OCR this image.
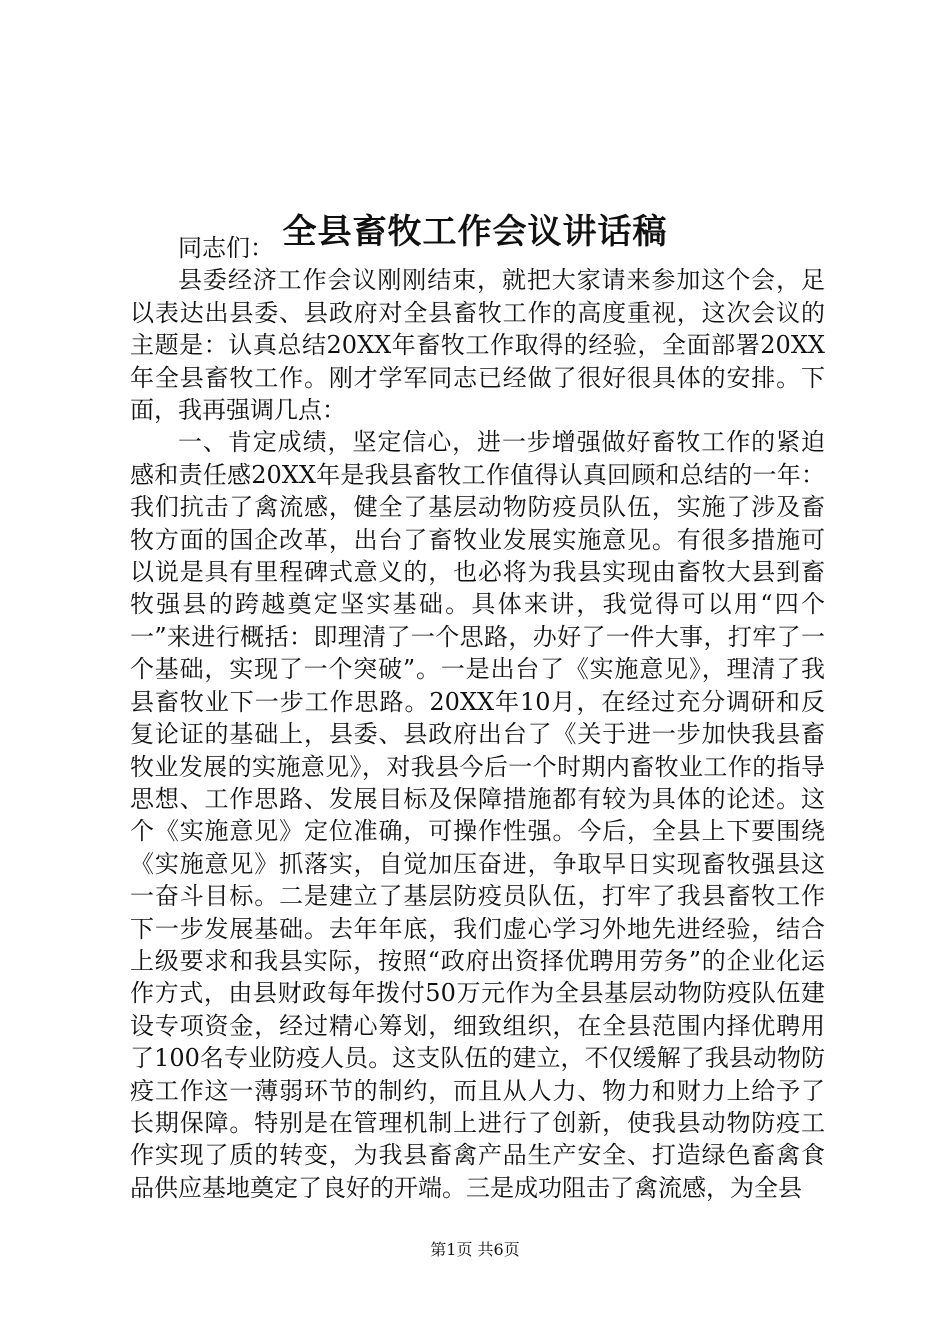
全县畜牧工作会议讲话稿

同志们：

县委经济工作会议刚刚结束，就把大家请来参加这个会，足以表达出县委、县政府对全县畜牧工作的高度重视，这次会议的主题是：认真总结20XX年畜牧工作取得的经验，全面部署20XX年全县畜牧工作。刚才学军同志已经做了很好很具体的安排。下面，我再强调几点：

一、肯定成绩，坚定信心，进一步增强做好畜牧工作的紧迫感和责任感20XX年是我县畜牧工作值得认真回顾和总结的一年：我们抗击了禽流感，健全了基层动物防疫员队伍，实施了涉及畜牧方面的国企改革，出台了畜牧业发展实施意见。有很多措施可以说是具有里程碑式意义的，也必将为我县实现由畜牧大县到畜牧强县的跨越奠定坚实基础。具体来讲，我觉得可以用“四个一”来进行概括：即理清了一个思路，办好了一件大事，打牢了一个基础，实现了一个突破”。一是出台了《实施意见》，理清了我县畜牧业下一步工作思路。20XX年10月，在经过充分调研和反复论证的基础上，县委、县政府出台了《关于进一步加快我县畜牧业发展的实施意见》，对我县今后一个时期内畜牧业工作的指导思想、工作思路、发展目标及保障措施都有较为具体的论述。这个《实施意见》定位准确，可操作性强。今后，全县上下要围绕《实施意见》抓落实，自觉加压奋进，争取早日实现畜牧强县这一奋斗目标。二是建立了基层防疫员队伍，打牢了我县畜牧工作下一步发展基础。去年年底，我们虚心学习外地先进经验，结合上级要求和我县实际，按照“政府出资择优聘用劳务”的企业化运作方式，由县财政每年拨付50万元作为全县基层动物防疫队伍建设专项资金，经过精心筹划，细致组织，在全县范围内择优聘用了100名专业防疫人员。这支队伍的建立，不仅缓解了我县动物防疫工作这一薄弱环节的制约，而且从人力、物力和财力上给予了长期保障。特别是在管理机制上进行了创新，使我县动物防疫工作实现了质的转变，为我县畜禽产品生产安全、打造绿色畜禽食品供应基地奠定了良好的开端。三是成功阻击了禽流感，为全县

第1页 共6页
